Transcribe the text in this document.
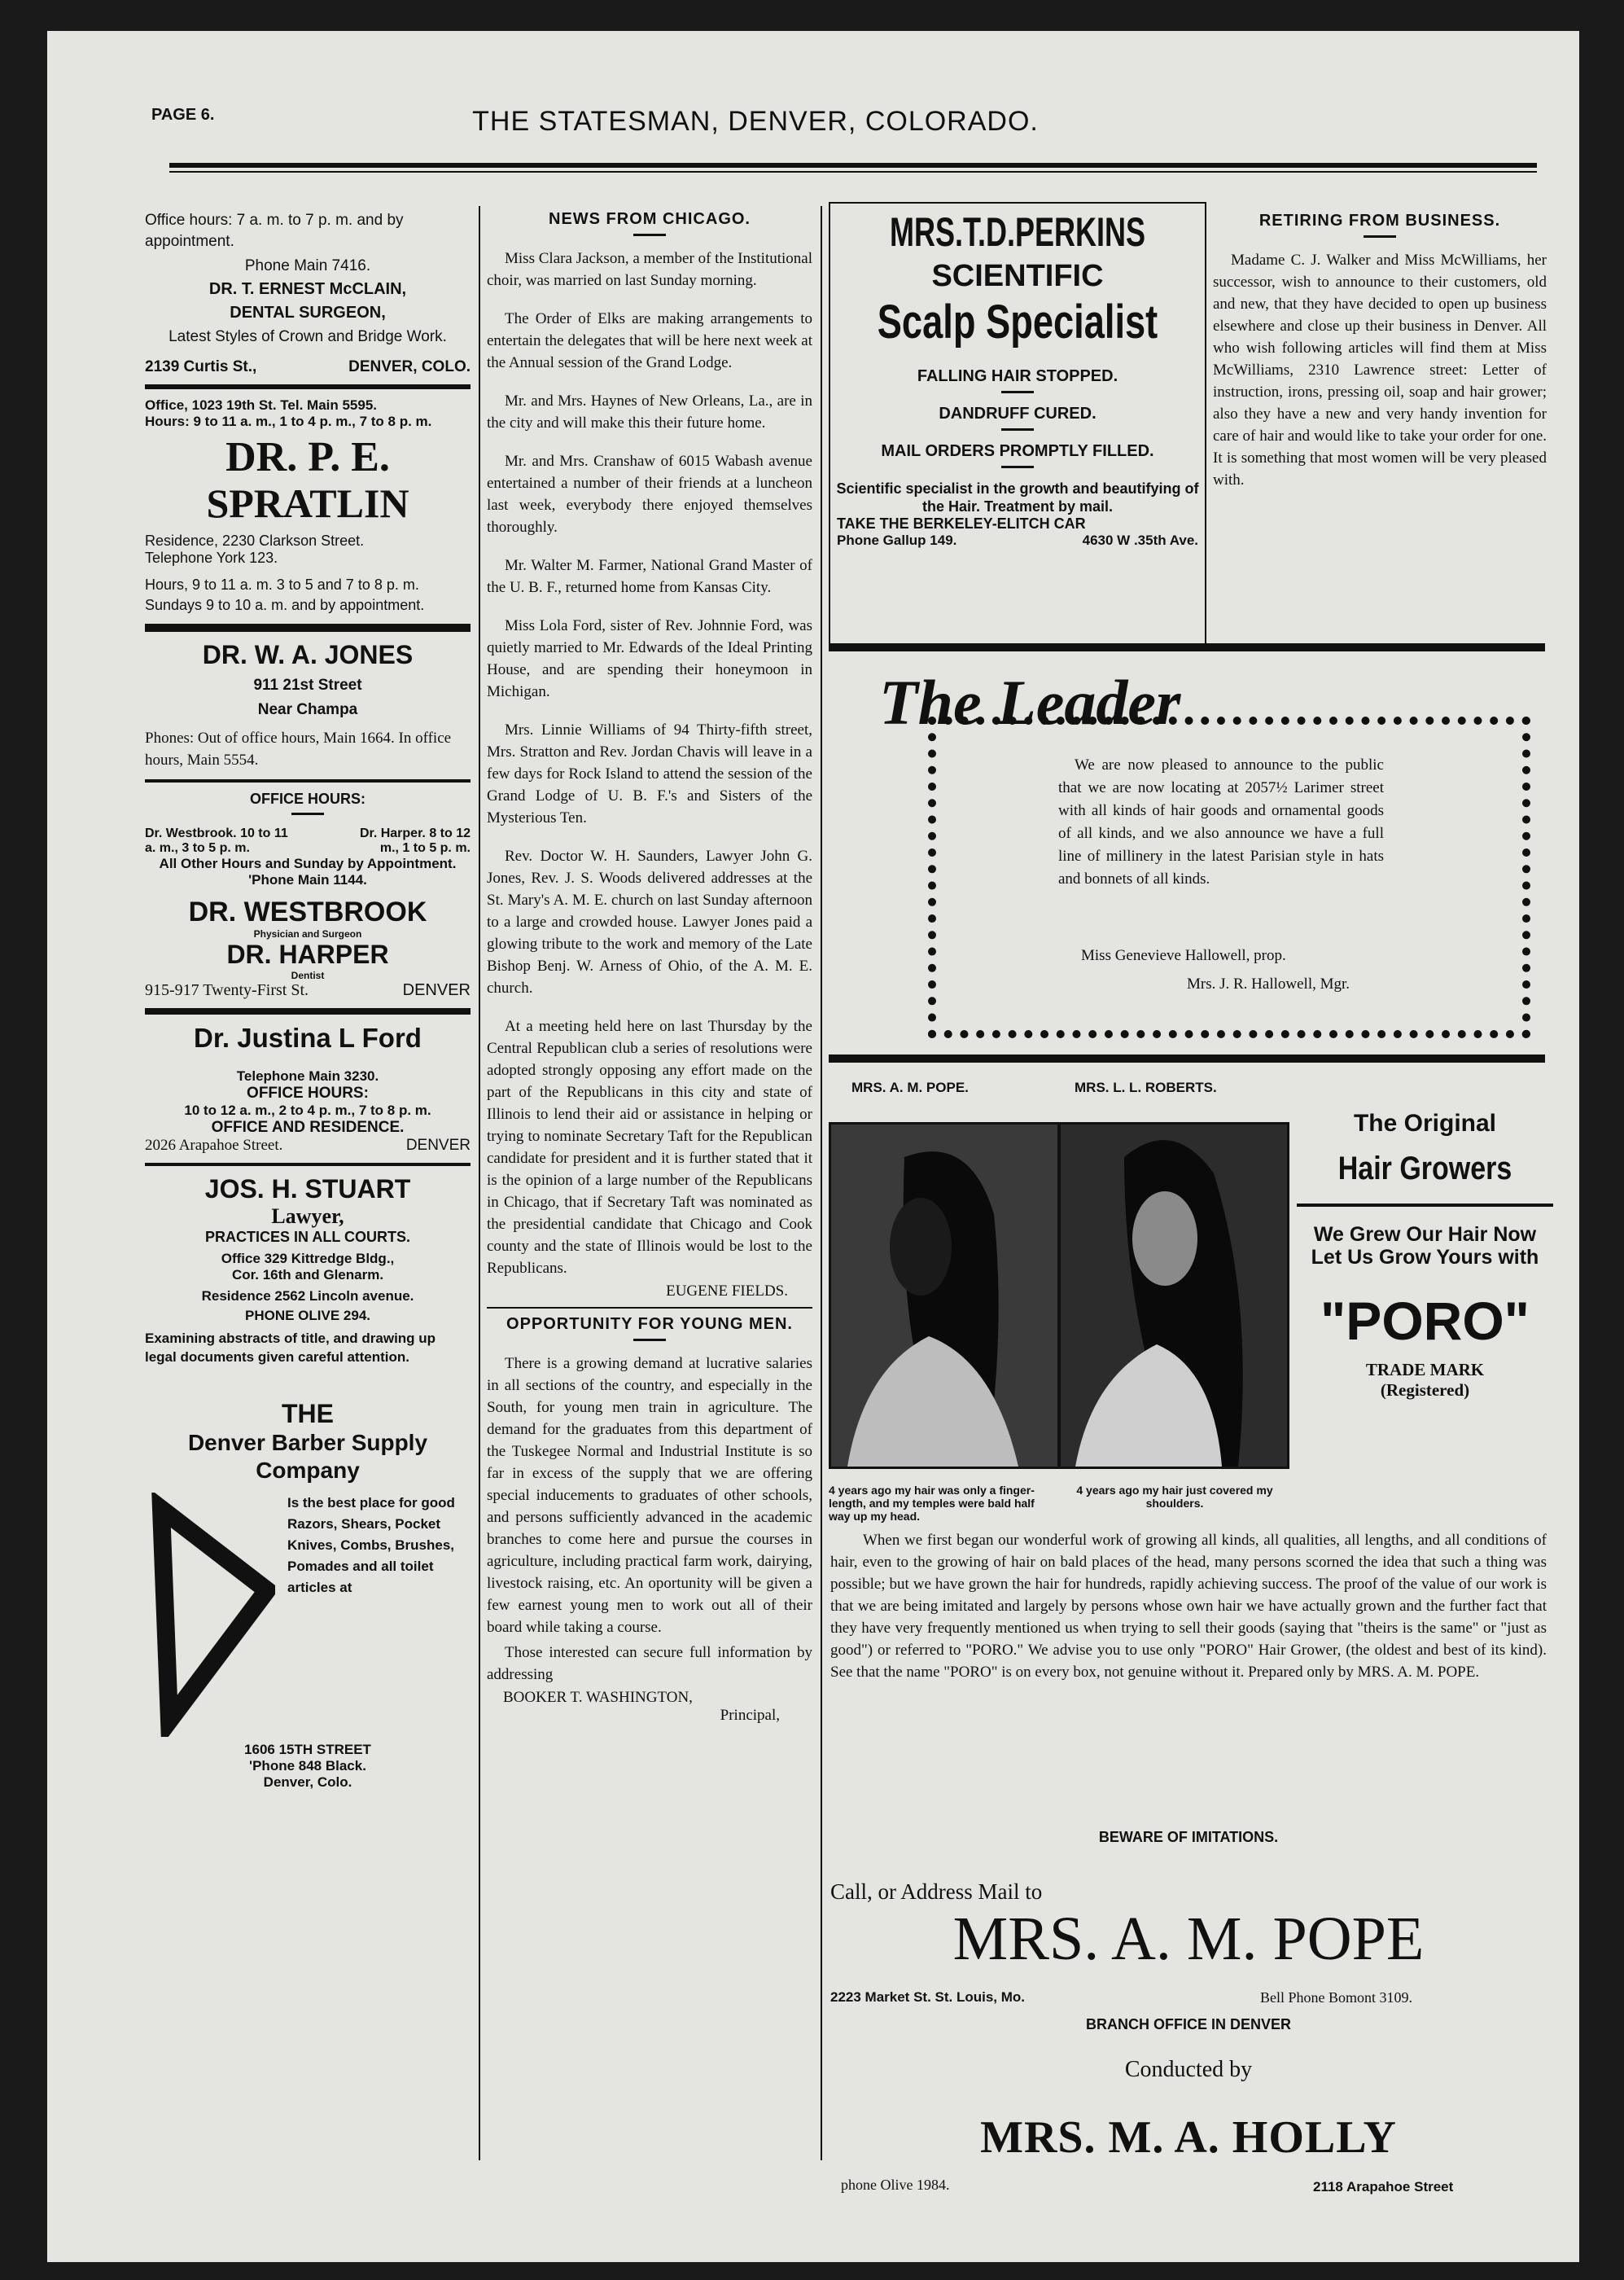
PAGE 6.	THE STATESMAN, DENVER, COLORADO.
Office hours: 7 a. m. to 7 p. m. and by appointment.
Phone Main 7416.
DR. T. ERNEST McCLAIN,
DENTAL SURGEON,
Latest Styles of Crown and Bridge Work.
2139 Curtis St.,	DENVER, COLO.
Office, 1023 19th St. Tel. Main 5595.
Hours: 9 to 11 a. m., 1 to 4 p. m., 7 to 8 p. m.
DR. P. E.
SPRATLIN
Residence, 2230 Clarkson Street.
Telephone York 123.
Hours, 9 to 11 a. m. 3 to 5 and 7 to 8 p. m. Sundays 9 to 10 a. m. and by appointment.
DR. W. A. JONES
911 21st Street
Near Champa
Phones: Out of office hours, Main 1664. In office hours, Main 5554.
OFFICE HOURS:
Dr. Westbrook. 10 to 11 a. m., 3 to 5 p. m.
Dr. Harper. 8 to 12 m., 1 to 5 p. m.
All Other Hours and Sunday by Appointment.
'Phone Main 1144.
DR. WESTBROOK
Physician and Surgeon
DR. HARPER
Dentist
915-917 Twenty-First St.	DENVER
Dr. Justina L Ford
Telephone Main 3230.
OFFICE HOURS:
10 to 12 a. m., 2 to 4 p. m., 7 to 8 p. m.
OFFICE AND RESIDENCE.
2026 Arapahoe Street.	DENVER
JOS. H. STUART
Lawyer,
PRACTICES IN ALL COURTS.
Office 329 Kittredge Bldg.,
Cor. 16th and Glenarm.
Residence 2562 Lincoln avenue.
PHONE OLIVE 294.
Examining abstracts of title, and drawing up legal documents given careful attention.
THE
Denver Barber Supply Company
Is the best place for good Razors, Shears, Pocket Knives, Combs, Brushes, Pomades and all toilet articles at
1606 15TH STREET
'Phone 848 Black.
Denver, Colo.
NEWS FROM CHICAGO.

Miss Clara Jackson, a member of the Institutional choir, was married on last Sunday morning.

The Order of Elks are making arrangements to entertain the delegates that will be here next week at the Annual session of the Grand Lodge.

Mr. and Mrs. Haynes of New Orleans, La., are in the city and will make this their future home.

Mr. and Mrs. Cranshaw of 6015 Wabash avenue entertained a number of their friends at a luncheon last week, everybody there enjoyed themselves thoroughly.

Mr. Walter M. Farmer, National Grand Master of the U. B. F., returned home from Kansas City.

Miss Lola Ford, sister of Rev. Johnnie Ford, was quietly married to Mr. Edwards of the Ideal Printing House, and are spending their honeymoon in Michigan.

Mrs. Linnie Williams of 94 Thirty-fifth street, Mrs. Stratton and Rev. Jordan Chavis will leave in a few days for Rock Island to attend the session of the Grand Lodge of U. B. F.'s and Sisters of the Mysterious Ten.

Rev. Doctor W. H. Saunders, Lawyer John G. Jones, Rev. J. S. Woods delivered addresses at the St. Mary's A. M. E. church on last Sunday afternoon to a large and crowded house. Lawyer Jones paid a glowing tribute to the work and memory of the Late Bishop Benj. W. Arness of Ohio, of the A. M. E. church.

At a meeting held here on last Thursday by the Central Republican club a series of resolutions were adopted strongly opposing any effort made on the part of the Republicans in this city and state of Illinois to lend their aid or assistance in helping or trying to nominate Secretary Taft for the Republican candidate for president and it is further stated that it is the opinion of a large number of the Republicans in Chicago, that if Secretary Taft was nominated as the presidential candidate that Chicago and Cook county and the state of Illinois would be lost to the Republicans.

EUGENE FIELDS.
OPPORTUNITY FOR YOUNG MEN.

There is a growing demand at lucrative salaries in all sections of the country, and especially in the South, for young men train in agriculture. The demand for the graduates from this department of the Tuskegee Normal and Industrial Institute is so far in excess of the supply that we are offering special inducements to graduates of other schools, and persons sufficiently advanced in the academic branches to come here and pursue the courses in agriculture, including practical farm work, dairying, livestock raising, etc. An oportunity will be given a few earnest young men to work out all of their board while taking a course.

Those interested can secure full information by addressing

BOOKER T. WASHINGTON,
Principal,
MRS.T.D.PERKINS
SCIENTIFIC
Scalp Specialist
FALLING HAIR STOPPED.
DANDRUFF CURED.
MAIL ORDERS PROMPTLY FILLED.
Scientific specialist in the growth and beautifying of the Hair. Treatment by mail.
TAKE THE BERKELEY-ELITCH CAR
Phone Gallup 149.	4630 W .35th Ave.
RETIRING FROM BUSINESS.

Madame C. J. Walker and Miss McWilliams, her successor, wish to announce to their customers, old and new, that they have decided to open up business elsewhere and close up their business in Denver. All who wish following articles will find them at Miss McWilliams, 2310 Lawrence street: Letter of instruction, irons, pressing oil, soap and hair grower; also they have a new and very handy invention for care of hair and would like to take your order for one. It is something that most women will be very pleased with.

The Leader
We are now pleased to announce to the public that we are now locating at 2057½ Larimer street with all kinds of hair goods and ornamental goods of all kinds, and we also announce we have a full line of millinery in the latest Parisian style in hats and bonnets of all kinds.
Miss Genevieve Hallowell, prop.
Mrs. J. R. Hallowell, Mgr.
MRS. A. M. POPE.	MRS. L. L. ROBERTS.
4 years ago my hair was only a finger-length, and my temples were bald half way up my head.
4 years ago my hair just covered my shoulders.
The Original
Hair Growers
We Grew Our Hair Now Let Us Grow Yours with
"PORO"
TRADE MARK
(Registered)

When we first began our wonderful work of growing all kinds, all qualities, all lengths, and all conditions of hair, even to the growing of hair on bald places of the head, many persons scorned the idea that such a thing was possible; but we have grown the hair for hundreds, rapidly achieving success. The proof of the value of our work is that we are being imitated and largely by persons whose own hair we have actually grown and the further fact that they have very frequently mentioned us when trying to sell their goods (saying that "theirs is the same" or "just as good") or referred to "PORO." We advise you to use only "PORO" Hair Grower, (the oldest and best of its kind). See that the name "PORO" is on every box, not genuine without it. Prepared only by MRS. A. M. POPE.

BEWARE OF IMITATIONS.
Call, or Address Mail to
MRS. A. M. POPE
2223 Market St. St. Louis, Mo.	Bell Phone Bomont 3109.
BRANCH OFFICE IN DENVER
Conducted by
MRS. M. A. HOLLY
phone Olive 1984.	2118 Arapahoe Street
